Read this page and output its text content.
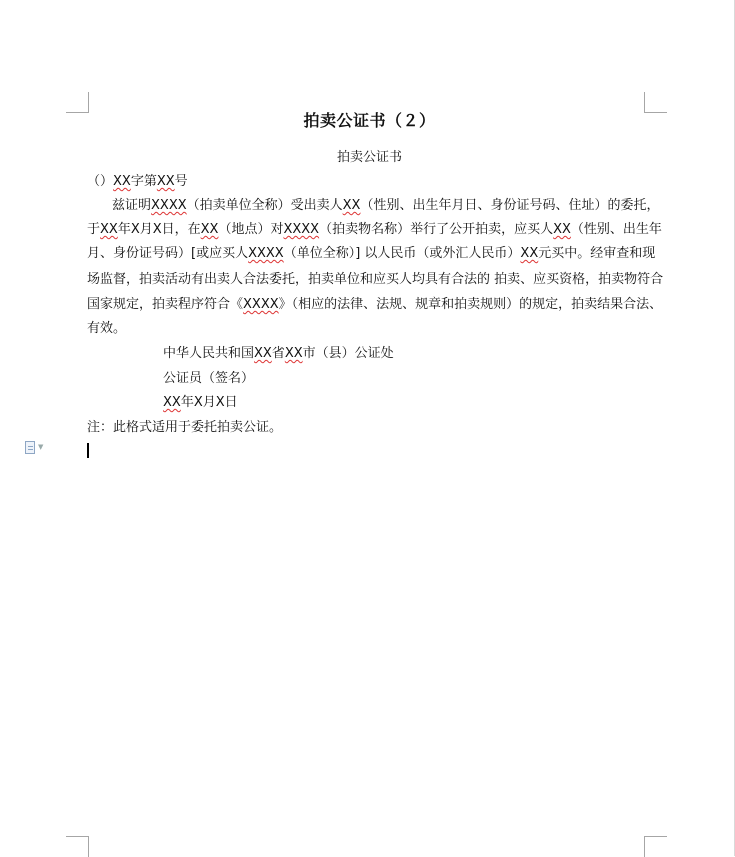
拍卖公证书（２）
拍卖公证书
（）XX字第XX号
兹证明XXXX（拍卖单位全称）受出卖人XX（性别、出生年月日、身份证号码、住址）的委托，
于XX年X月X日，在XX（地点）对XXXX（拍卖物名称）举行了公开拍卖，应买人XX（性别、出生年
月、身份证号码）[或应买人XXXX（单位全称）] 以人民币（或外汇人民币）XX元买中。经审查和现
场监督，拍卖活动有出卖人合法委托，拍卖单位和应买人均具有合法的 拍卖、应买资格，拍卖物符合
国家规定，拍卖程序符合《XXXX》（相应的法律、法规、规章和拍卖规则）的规定，拍卖结果合法、
有效。
中华人民共和国XX省XX市（县）公证处
公证员（签名）
XX年X月X日
注：此格式适用于委托拍卖公证。
▼
